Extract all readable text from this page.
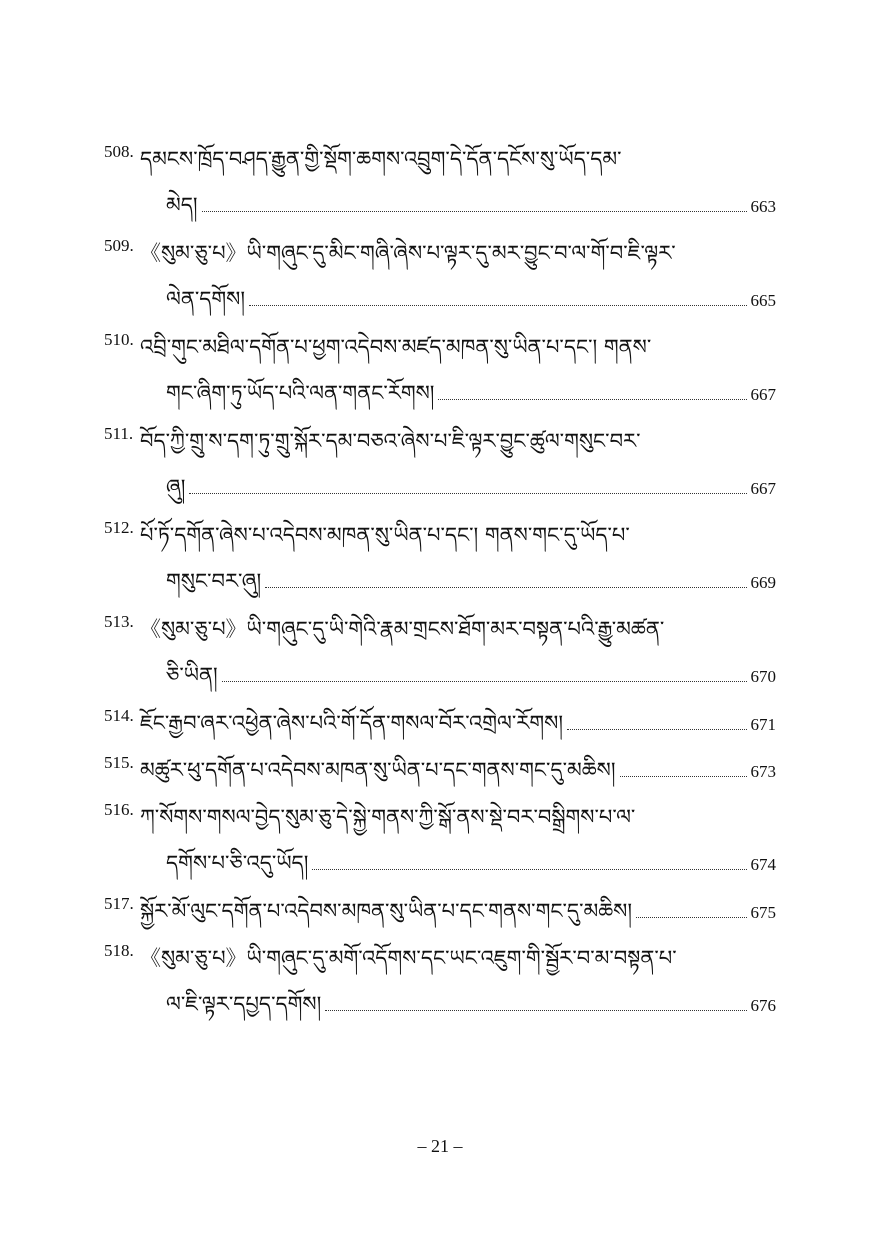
508. དམངས་ཁྲོད་བཤད་རྒྱུན་གྱི་སྡོག་ཆགས་འབྲུག་དེ་དོན་དངོས་སུ་ཡོད་དམ་
མེད།	663
509. 《སུམ་ཅུ་པ》ཡི་གཞུང་དུ་མིང་གཞི་ཞེས་པ་ལྟར་དུ་མར་བྱུང་བ་ལ་གོ་བ་ཇི་ལྟར་
ལེན་དགོས།	665
510. འབྲི་གུང་མཐིལ་དགོན་པ་ཕྱག་འདེབས་མཛད་མཁན་སུ་ཡིན་པ་དང་། གནས་
གང་ཞིག་ཏུ་ཡོད་པའི་ལན་གནང་རོགས།	667
511. བོད་ཀྱི་གྲུ་ས་དག་ཏུ་གྲུ་སྐོར་དམ་བཅའ་ཞེས་པ་ཇི་ལྟར་བྱུང་ཚུལ་གསུང་བར་
ཞུ།	667
512. པོ་ཏོ་དགོན་ཞེས་པ་འདེབས་མཁན་སུ་ཡིན་པ་དང་། གནས་གང་དུ་ཡོད་པ་
གསུང་བར་ཞུ།	669
513. 《སུམ་ཅུ་པ》ཡི་གཞུང་དུ་ཡི་གེའི་རྣམ་གྲངས་ཐོག་མར་བསྟན་པའི་རྒྱུ་མཚན་
ཅི་ཡིན།	670
514. ཇོང་རྒྱབ་ཞར་འཕྱེན་ཞེས་པའི་གོ་དོན་གསལ་བོར་འགྲེལ་རོགས།	671
515. མཚུར་ཕུ་དགོན་པ་འདེབས་མཁན་སུ་ཡིན་པ་དང་གནས་གང་དུ་མཆིས།	673
516. ཀ་སོགས་གསལ་བྱེད་སུམ་ཅུ་དེ་སྐྱེ་གནས་ཀྱི་སྒོ་ནས་སྡེ་བར་བསྒྲིགས་པ་ལ་
དགོས་པ་ཅི་འདུ་ཡོད།	674
517. སྐྱོར་མོ་ལུང་དགོན་པ་འདེབས་མཁན་སུ་ཡིན་པ་དང་གནས་གང་དུ་མཆིས།	675
518. 《སུམ་ཅུ་པ》ཡི་གཞུང་དུ་མགོ་འདོགས་དང་ཡང་འཇུག་གི་སྦྱོར་བ་མ་བསྟན་པ་
ལ་ཇི་ལྟར་དཔྱད་དགོས།	676
– 21 –
